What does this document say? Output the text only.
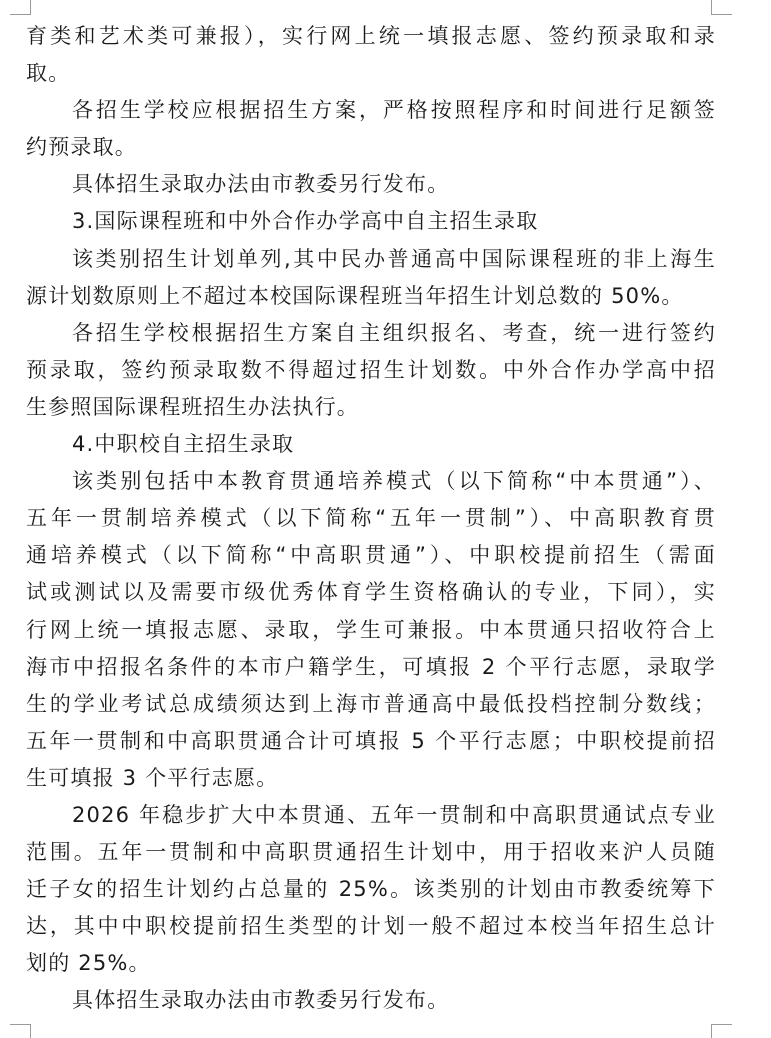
育类和艺术类可兼报），实行网上统一填报志愿、签约预录取和录
取。
各招生学校应根据招生方案，严格按照程序和时间进行足额签
约预录取。
具体招生录取办法由市教委另行发布。
3.国际课程班和中外合作办学高中自主招生录取
该类别招生计划单列,其中民办普通高中国际课程班的非上海生
源计划数原则上不超过本校国际课程班当年招生计划总数的 50%。
各招生学校根据招生方案自主组织报名、考查，统一进行签约
预录取，签约预录取数不得超过招生计划数。中外合作办学高中招
生参照国际课程班招生办法执行。
4.中职校自主招生录取
该类别包括中本教育贯通培养模式（以下简称“中本贯通”）、
五年一贯制培养模式（以下简称“五年一贯制”）、中高职教育贯
通培养模式（以下简称“中高职贯通”）、中职校提前招生（需面
试或测试以及需要市级优秀体育学生资格确认的专业，下同），实
行网上统一填报志愿、录取，学生可兼报。中本贯通只招收符合上
海市中招报名条件的本市户籍学生，可填报 2 个平行志愿，录取学
生的学业考试总成绩须达到上海市普通高中最低投档控制分数线；
五年一贯制和中高职贯通合计可填报 5 个平行志愿；中职校提前招
生可填报 3 个平行志愿。
2026 年稳步扩大中本贯通、五年一贯制和中高职贯通试点专业
范围。五年一贯制和中高职贯通招生计划中，用于招收来沪人员随
迁子女的招生计划约占总量的 25%。该类别的计划由市教委统筹下
达，其中中职校提前招生类型的计划一般不超过本校当年招生总计
划的 25%。
具体招生录取办法由市教委另行发布。
